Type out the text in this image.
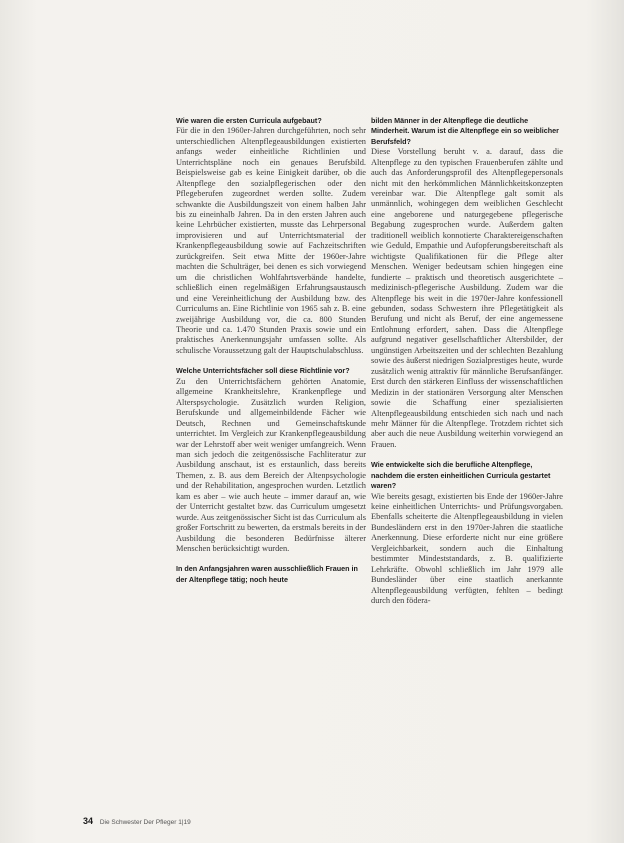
Wie waren die ersten Curricula aufgebaut?

Für die in den 1960er-Jahren durchgeführten, noch sehr unterschiedlichen Altenpflegeausbildungen existierten anfangs weder einheitliche Richtlinien und Unterrichtspläne noch ein genaues Berufsbild. Beispielsweise gab es keine Einigkeit darüber, ob die Altenpflege den sozialpflegerischen oder den Pflegeberufen zugeordnet werden sollte. Zudem schwankte die Ausbildungszeit von einem halben Jahr bis zu eineinhalb Jahren. Da in den ersten Jahren auch keine Lehrbücher existierten, musste das Lehrpersonal improvisieren und auf Unterrichtsmaterial der Krankenpflegeausbildung sowie auf Fachzeitschriften zurückgreifen. Seit etwa Mitte der 1960er-Jahre machten die Schulträger, bei denen es sich vorwiegend um die christlichen Wohlfahrtsverbände handelte, schließlich einen regelmäßigen Erfahrungsaustausch und eine Vereinheitlichung der Ausbildung bzw. des Curriculums an. Eine Richtlinie von 1965 sah z. B. eine zweijährige Ausbildung vor, die ca. 800 Stunden Theorie und ca. 1.470 Stunden Praxis sowie und ein praktisches Anerkennungsjahr umfassen sollte. Als schulische Voraussetzung galt der Hauptschulabschluss.

Welche Unterrichtsfächer soll diese Richtlinie vor?

Zu den Unterrichtsfächern gehörten Anatomie, allgemeine Krankheitslehre, Krankenpflege und Alterspsychologie. Zusätzlich wurden Religion, Berufskunde und allgemeinbildende Fächer wie Deutsch, Rechnen und Gemeinschaftskunde unterrichtet. Im Vergleich zur Krankenpflegeausbildung war der Lehrstoff aber weit weniger umfangreich. Wenn man sich jedoch die zeitgenössische Fachliteratur zur Ausbildung anschaut, ist es erstaunlich, dass bereits Themen, z. B. aus dem Bereich der Altenpsychologie und der Rehabilitation, angesprochen wurden. Letztlich kam es aber – wie auch heute – immer darauf an, wie der Unterricht gestaltet bzw. das Curriculum umgesetzt wurde. Aus zeitgenössischer Sicht ist das Curriculum als großer Fortschritt zu bewerten, da erstmals bereits in der Ausbildung die besonderen Bedürfnisse älterer Menschen berücksichtigt wurden.

In den Anfangsjahren waren ausschließlich Frauen in der Altenpflege tätig; noch heute

bilden Männer in der Altenpflege die deutliche Minderheit. Warum ist die Altenpflege ein so weiblicher Berufsfeld?

Diese Vorstellung beruht v. a. darauf, dass die Altenpflege zu den typischen Frauenberufen zählte und auch das Anforderungsprofil des Altenpflegepersonals nicht mit den herkömmlichen Männlichkeitskonzepten vereinbar war. Die Altenpflege galt somit als unmännlich, wohingegen dem weiblichen Geschlecht eine angeborene und naturgegebene pflegerische Begabung zugesprochen wurde. Außerdem galten traditionell weiblich konnotierte Charaktereigenschaften wie Geduld, Empathie und Aufopferungsbereitschaft als wichtigste Qualifikationen für die Pflege alter Menschen. Weniger bedeutsam schien hingegen eine fundierte – praktisch und theoretisch ausgerichtete – medizinisch-pflegerische Ausbildung. Zudem war die Altenpflege bis weit in die 1970er-Jahre konfessionell gebunden, sodass Schwestern ihre Pflegetätigkeit als Berufung und nicht als Beruf, der eine angemessene Entlohnung erfordert, sahen. Dass die Altenpflege aufgrund negativer gesellschaftlicher Altersbilder, der ungünstigen Arbeitszeiten und der schlechten Bezahlung sowie des äußerst niedrigen Sozialprestiges heute, wurde zusätzlich wenig attraktiv für männliche Berufsanfänger. Erst durch den stärkeren Einfluss der wissenschaftlichen Medizin in der stationären Versorgung alter Menschen sowie die Schaffung einer spezialisierten Altenpflegeausbildung entschieden sich nach und nach mehr Männer für die Altenpflege. Trotzdem richtet sich aber auch die neue Ausbildung weiterhin vorwiegend an Frauen.

Wie entwickelte sich die berufliche Altenpflege, nachdem die ersten einheitlichen Curricula gestartet waren?

Wie bereits gesagt, existierten bis Ende der 1960er-Jahre keine einheitlichen Unterrichts- und Prüfungsvorgaben. Ebenfalls scheiterte die Altenpflegeausbildung in vielen Bundesländern erst in den 1970er-Jahren die staatliche Anerkennung. Diese erforderte nicht nur eine größere Vergleichbarkeit, sondern auch die Einhaltung bestimmter Mindeststandards, z. B. qualifizierte Lehrkräfte. Obwohl schließlich im Jahr 1979 alle Bundesländer über eine staatlich anerkannte Altenpflegeausbildung verfügten, fehlten – bedingt durch den födera-

34 Die Schwester Der Pfleger 1|19
